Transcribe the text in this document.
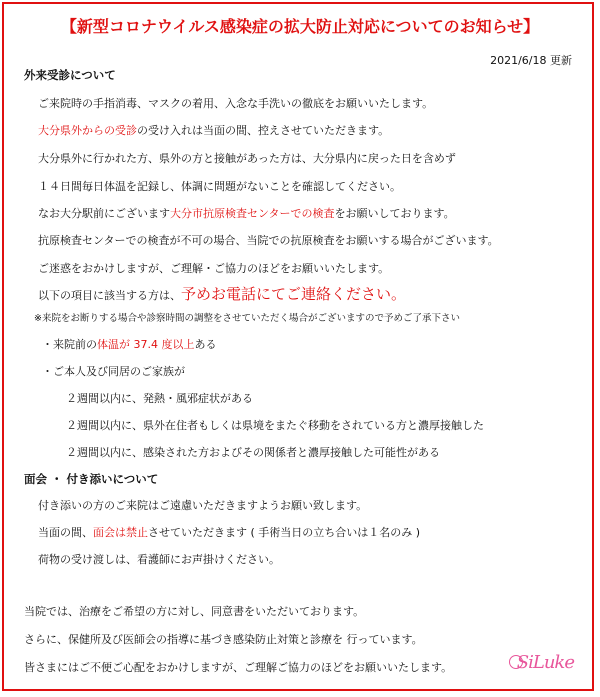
【新型コロナウイルス感染症の拡大防止対応についてのお知らせ】
2021/6/18 更新
外来受診について
ご来院時の手指消毒、マスクの着用、入念な手洗いの徹底をお願いいたします。
大分県外からの受診の受け入れは当面の間、控えさせていただきます。
大分県外に行かれた方、県外の方と接触があった方は、大分県内に戻った日を含めず
１４日間毎日体温を記録し、体調に問題がないことを確認してください。
なお大分駅前にございます大分市抗原検査センターでの検査をお願いしております。
抗原検査センターでの検査が不可の場合、当院での抗原検査をお願いする場合がございます。
ご迷惑をおかけしますが、ご理解・ご協力のほどをお願いいたします。
以下の項目に該当する方は、予めお電話にてご連絡ください。
※来院をお断りする場合や診察時間の調整をさせていただく場合がございますので予めご了承下さい
・来院前の体温が 37.4 度以上ある
・ご本人及び同居のご家族が
２週間以内に、発熱・風邪症状がある
２週間以内に、県外在住者もしくは県境をまたぐ移動をされている方と濃厚接触した
２週間以内に、感染された方およびその関係者と濃厚接触した可能性がある
面会 ・ 付き添いについて
付き添いの方のご来院はご遠慮いただきますようお願い致します。
当面の間、面会は禁止させていただきます ( 手術当日の立ち合いは１名のみ )
荷物の受け渡しは、看護師にお声掛けください。
当院では、治療をご希望の方に対し、同意書をいただいております。
さらに、保健所及び医師会の指導に基づき感染防止対策と診療を 行っています。
皆さまにはご不便ご心配をおかけしますが、ご理解ご協力のほどをお願いいたします。	SiLuke
